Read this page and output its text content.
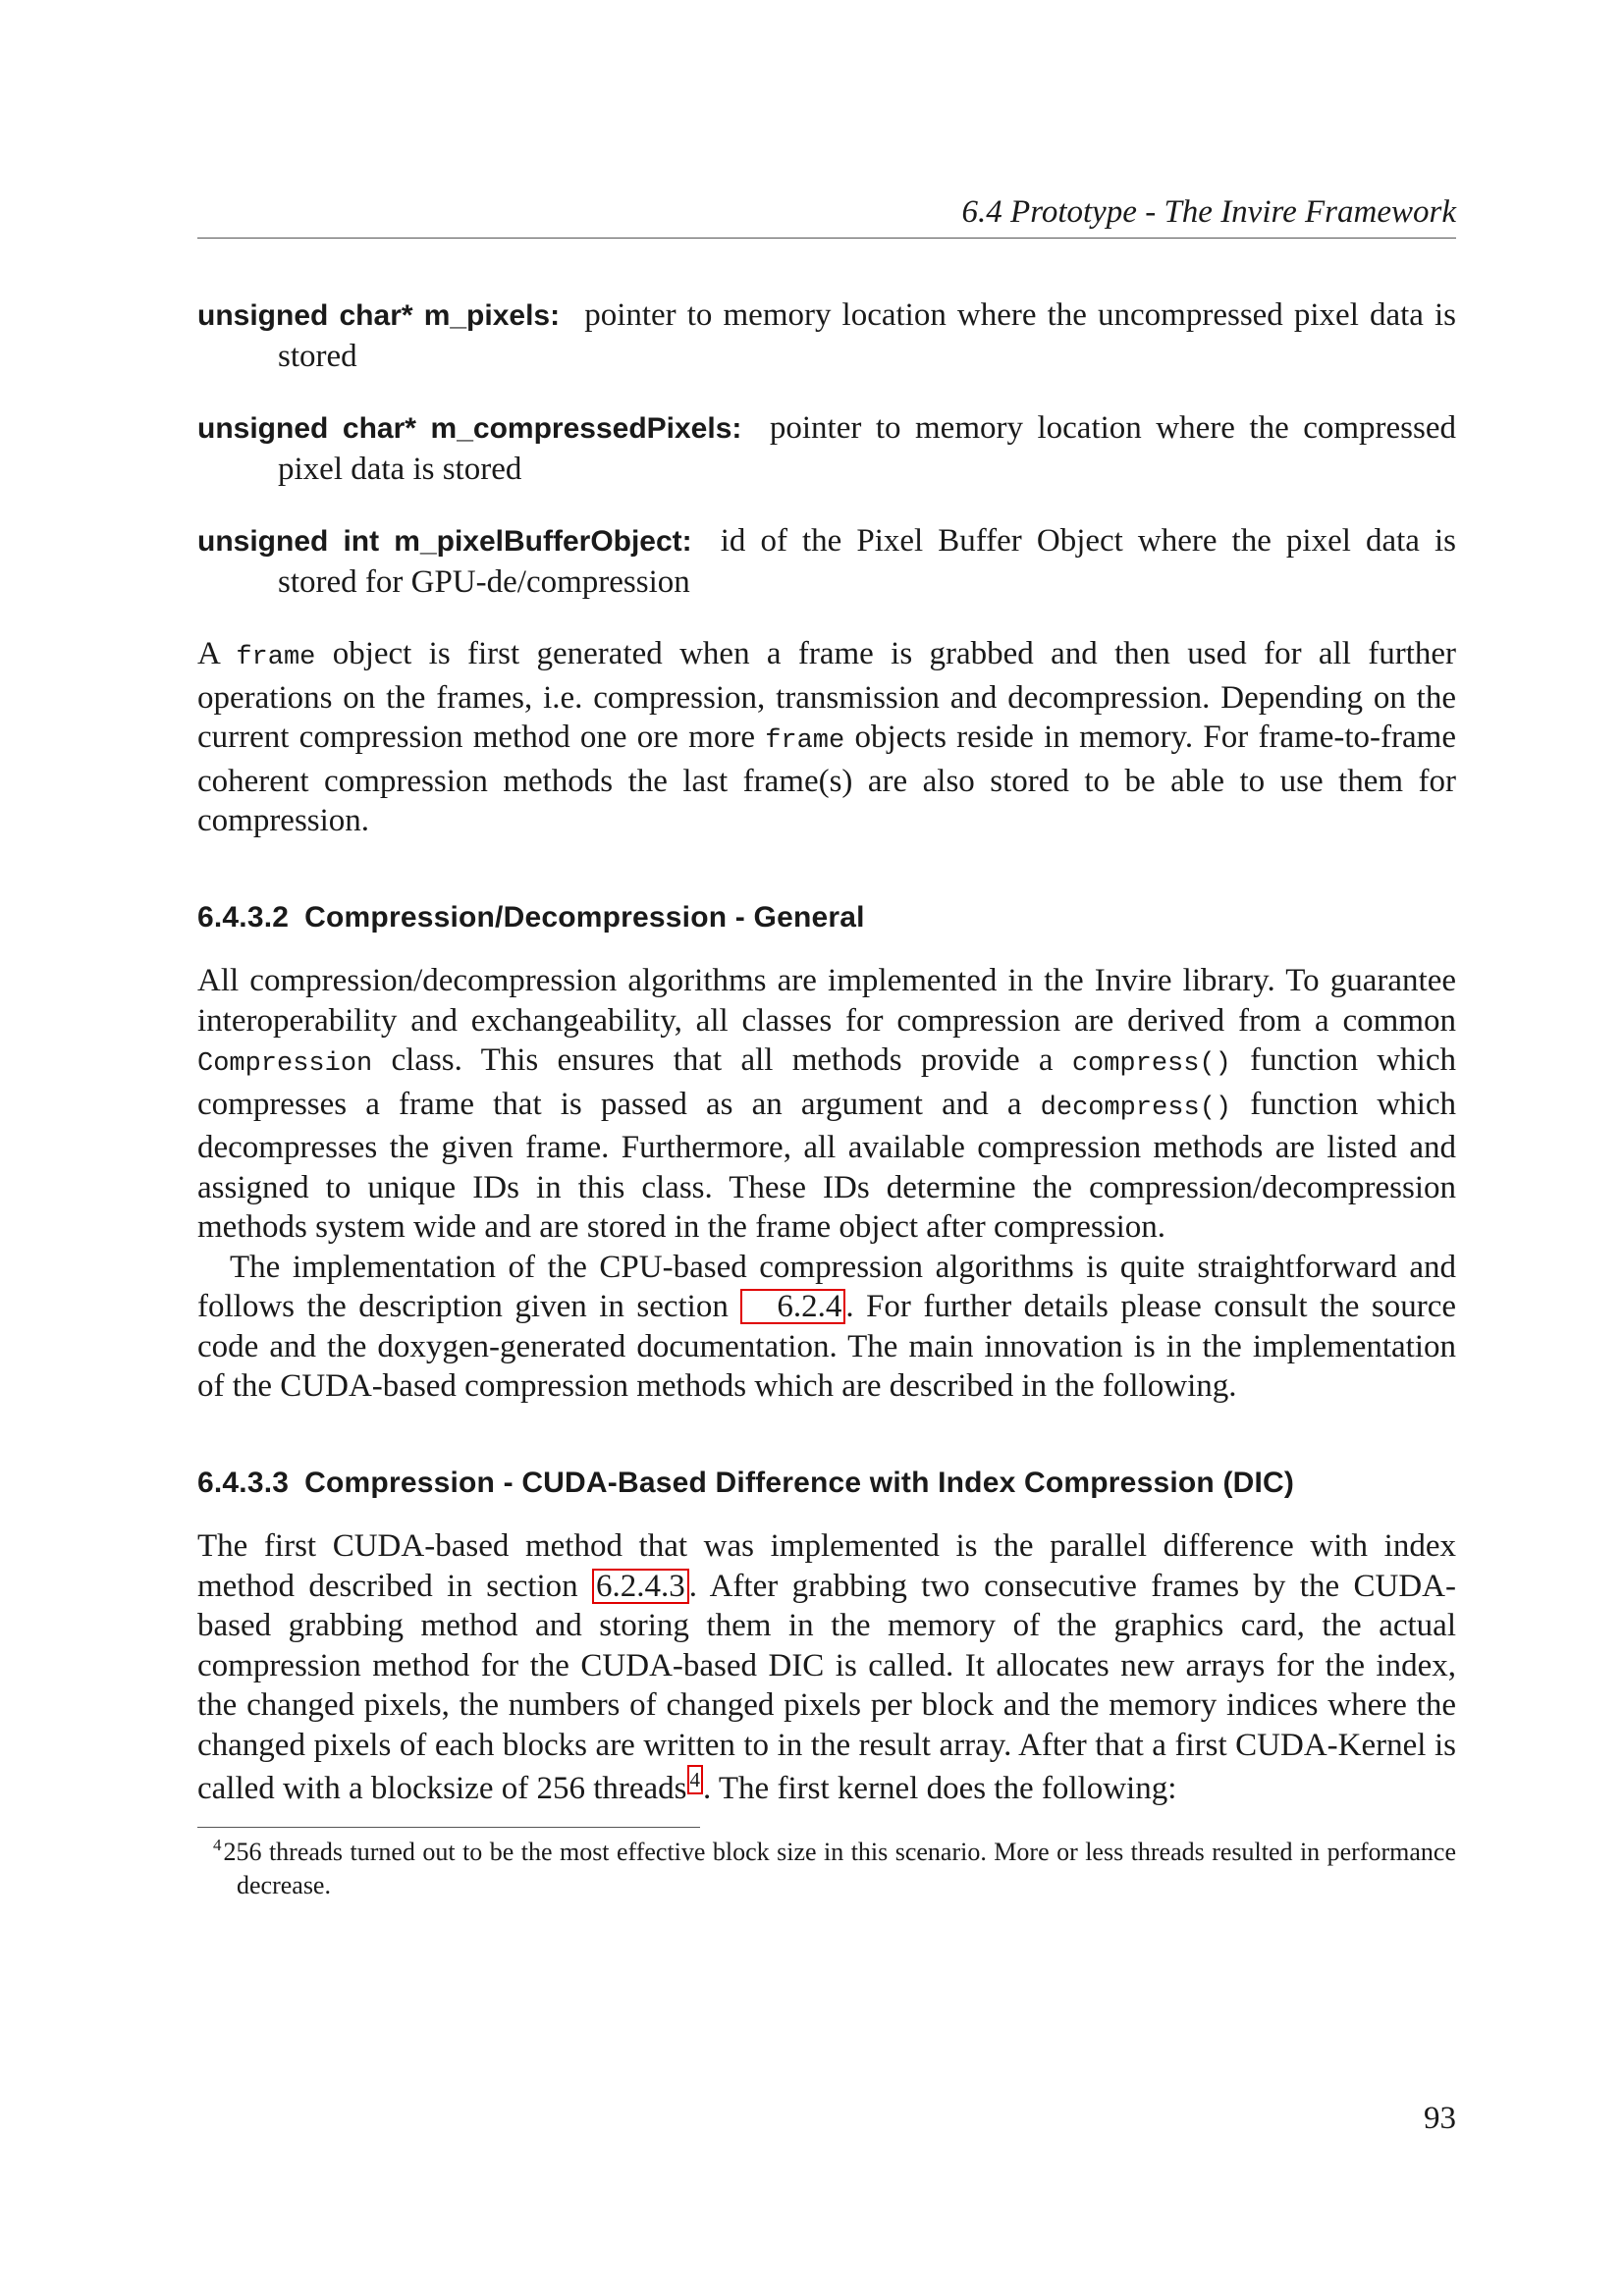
6.4 Prototype - The Invire Framework

unsigned char* m_pixels: pointer to memory location where the uncompressed pixel data is stored

unsigned char* m_compressedPixels: pointer to memory location where the compressed pixel data is stored

unsigned int m_pixelBufferObject: id of the Pixel Buffer Object where the pixel data is stored for GPU-de/compression

A frame object is first generated when a frame is grabbed and then used for all further operations on the frames, i.e. compression, transmission and decompression. Depending on the current compression method one ore more frame objects reside in memory. For frame-to-frame coherent compression methods the last frame(s) are also stored to be able to use them for compression.

6.4.3.2 Compression/Decompression - General

All compression/decompression algorithms are implemented in the Invire library. To guarantee interoperability and exchangeability, all classes for compression are derived from a common Compression class. This ensures that all methods provide a compress() function which compresses a frame that is passed as an argument and a decompress() function which decompresses the given frame. Furthermore, all available compression methods are listed and assigned to unique IDs in this class. These IDs determine the compression/decompression methods system wide and are stored in the frame object after compression.

The implementation of the CPU-based compression algorithms is quite straightforward and follows the description given in section 6.2.4 . For further details please consult the source code and the doxygen-generated documentation. The main innovation is in the implementation of the CUDA-based compression methods which are described in the following.

6.4.3.3 Compression - CUDA-Based Difference with Index Compression (DIC)

The first CUDA-based method that was implemented is the parallel difference with index method described in section 6.2.4.3 . After grabbing two consecutive frames by the CUDA-based grabbing method and storing them in the memory of the graphics card, the actual compression method for the CUDA-based DIC is called. It allocates new arrays for the index, the changed pixels, the numbers of changed pixels per block and the memory indices where the changed pixels of each blocks are written to in the result array. After that a first CUDA-Kernel is called with a blocksize of 256 threads $^4$. The first kernel does the following:

$^4$256 threads turned out to be the most effective block size in this scenario. More or less threads resulted in performance decrease.

93
